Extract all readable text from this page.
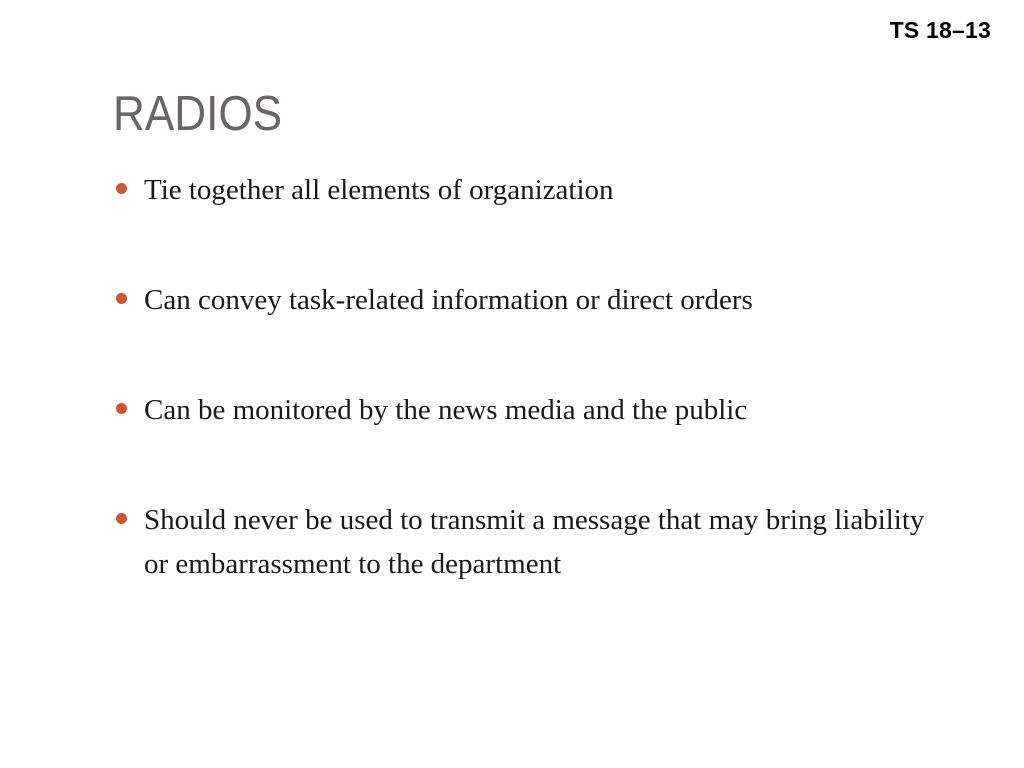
TS 18–13
RADIOS
Tie together all elements of organization
Can convey task-related information or direct orders
Can be monitored by the news media and the public
Should never be used to transmit a message that may bring liability or embarrassment to the department
